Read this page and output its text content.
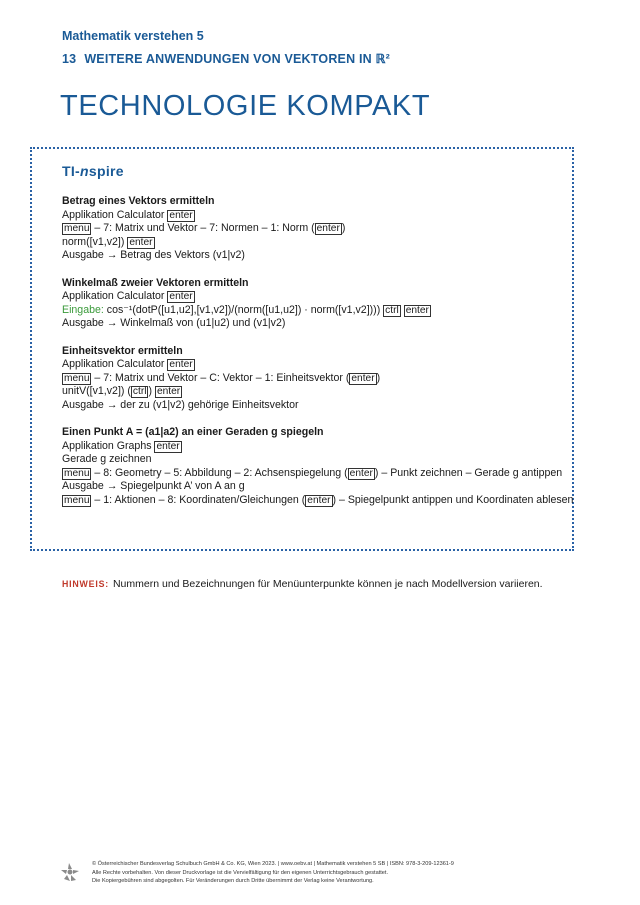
Mathematik verstehen 5
13 WEITERE ANWENDUNGEN VON VEKTOREN IN ℝ²
TECHNOLOGIE KOMPAKT
TI-nspire
Betrag eines Vektors ermitteln
Applikation Calculator enter
menu – 7: Matrix und Vektor – 7: Normen – 1: Norm ( enter )
norm([v1,v2]) enter
Ausgabe → Betrag des Vektors (v1|v2)
Winkelmaß zweier Vektoren ermitteln
Applikation Calculator enter
Eingabe: cos⁻¹(dotP([u1,u2],[v1,v2])/(norm([u1,u2]) · norm([v1,v2]))) ctrl enter
Ausgabe → Winkelmaß von (u1|u2) und (v1|v2)
Einheitsvektor ermitteln
Applikation Calculator enter
menu – 7: Matrix und Vektor – C: Vektor – 1: Einheitsvektor ( enter )
unitV([v1,v2]) ( ctrl ) enter
Ausgabe → der zu (v1|v2) gehörige Einheitsvektor
Einen Punkt A = (a1|a2) an einer Geraden g spiegeln
Applikation Graphs enter
Gerade g zeichnen
menu – 8: Geometry – 5: Abbildung – 2: Achsenspiegelung ( enter ) – Punkt zeichnen – Gerade g antippen
Ausgabe → Spiegelpunkt A’ von A an g
menu – 1: Aktionen – 8: Koordinaten/Gleichungen ( enter ) – Spiegelpunkt antippen und Koordinaten ablesen
HINWEIS: Nummern und Bezeichnungen für Menüunterpunkte können je nach Modellversion variieren.
© Österreichischer Bundesverlag Schulbuch GmbH & Co. KG, Wien 2023. | www.oebv.at | Mathematik verstehen 5 SB | ISBN: 978-3-209-12361-9
Alle Rechte vorbehalten. Von dieser Druckvorlage ist die Vervielfältigung für den eigenen Unterrichtsgebrauch gestattet.
Die Kopiergebühren sind abgegolten. Für Veränderungen durch Dritte übernimmt der Verlag keine Verantwortung.
